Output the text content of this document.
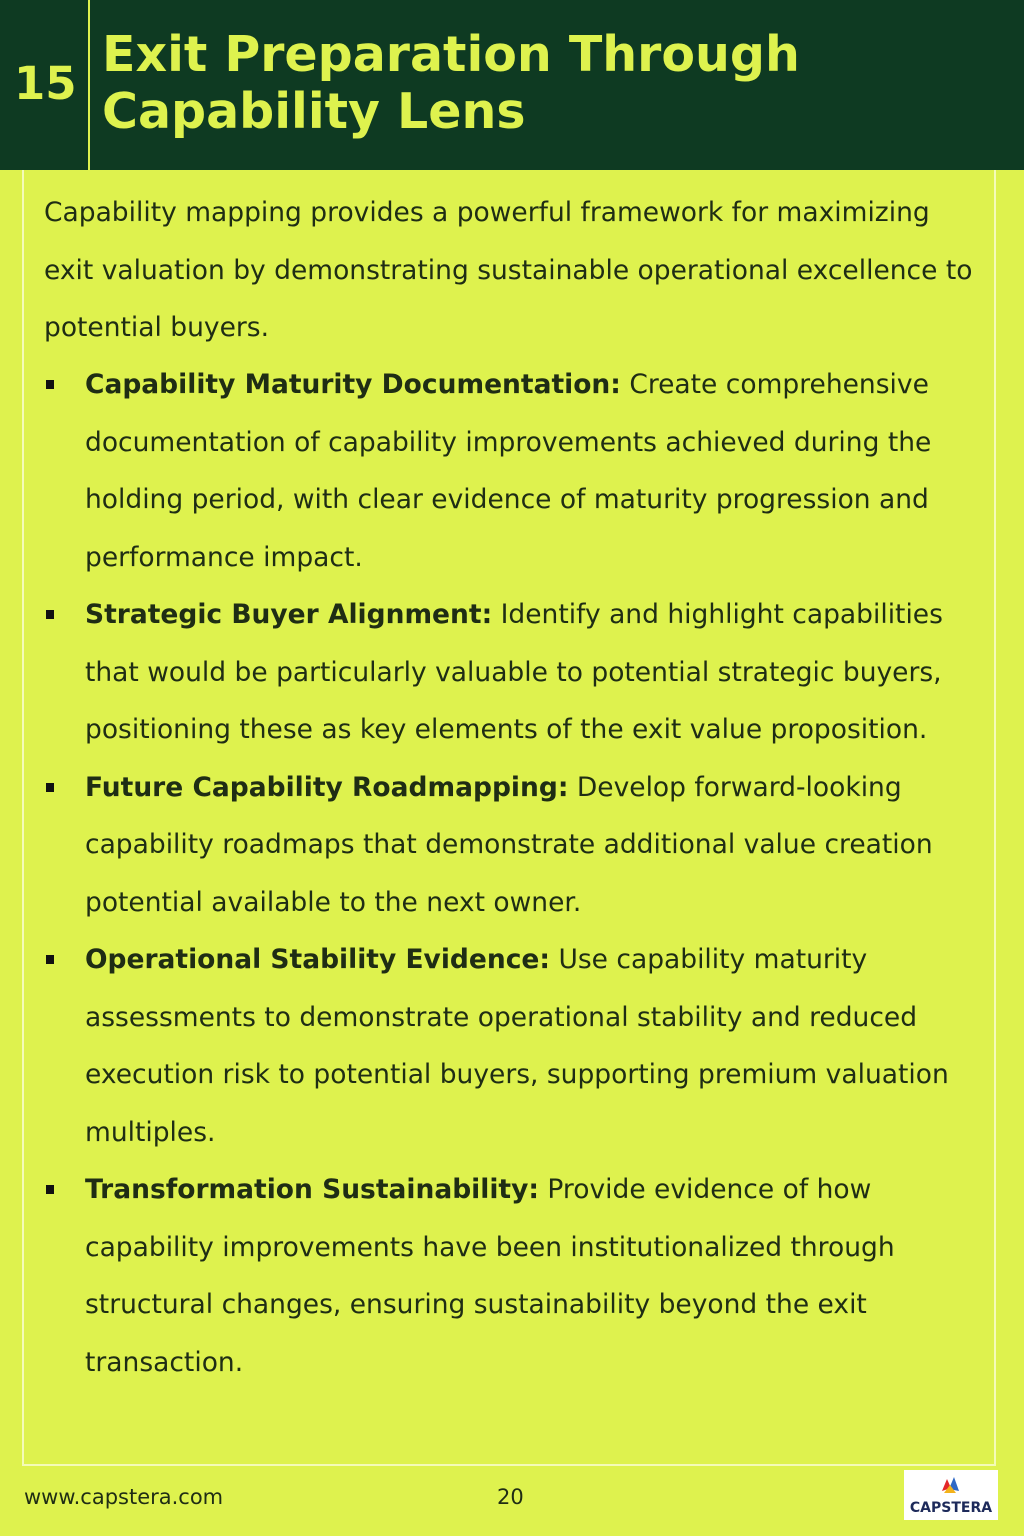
15
Exit Preparation Through Capability Lens

Capability mapping provides a powerful framework for maximizing exit valuation by demonstrating sustainable operational excellence to potential buyers.

Capability Maturity Documentation: Create comprehensive documentation of capability improvements achieved during the holding period, with clear evidence of maturity progression and performance impact.
Strategic Buyer Alignment: Identify and highlight capabilities that would be particularly valuable to potential strategic buyers, positioning these as key elements of the exit value proposition.
Future Capability Roadmapping: Develop forward-looking capability roadmaps that demonstrate additional value creation potential available to the next owner.
Operational Stability Evidence: Use capability maturity assessments to demonstrate operational stability and reduced execution risk to potential buyers, supporting premium valuation multiples.
Transformation Sustainability: Provide evidence of how capability improvements have been institutionalized through structural changes, ensuring sustainability beyond the exit transaction.
www.capstera.com	20	CAPSTERA
